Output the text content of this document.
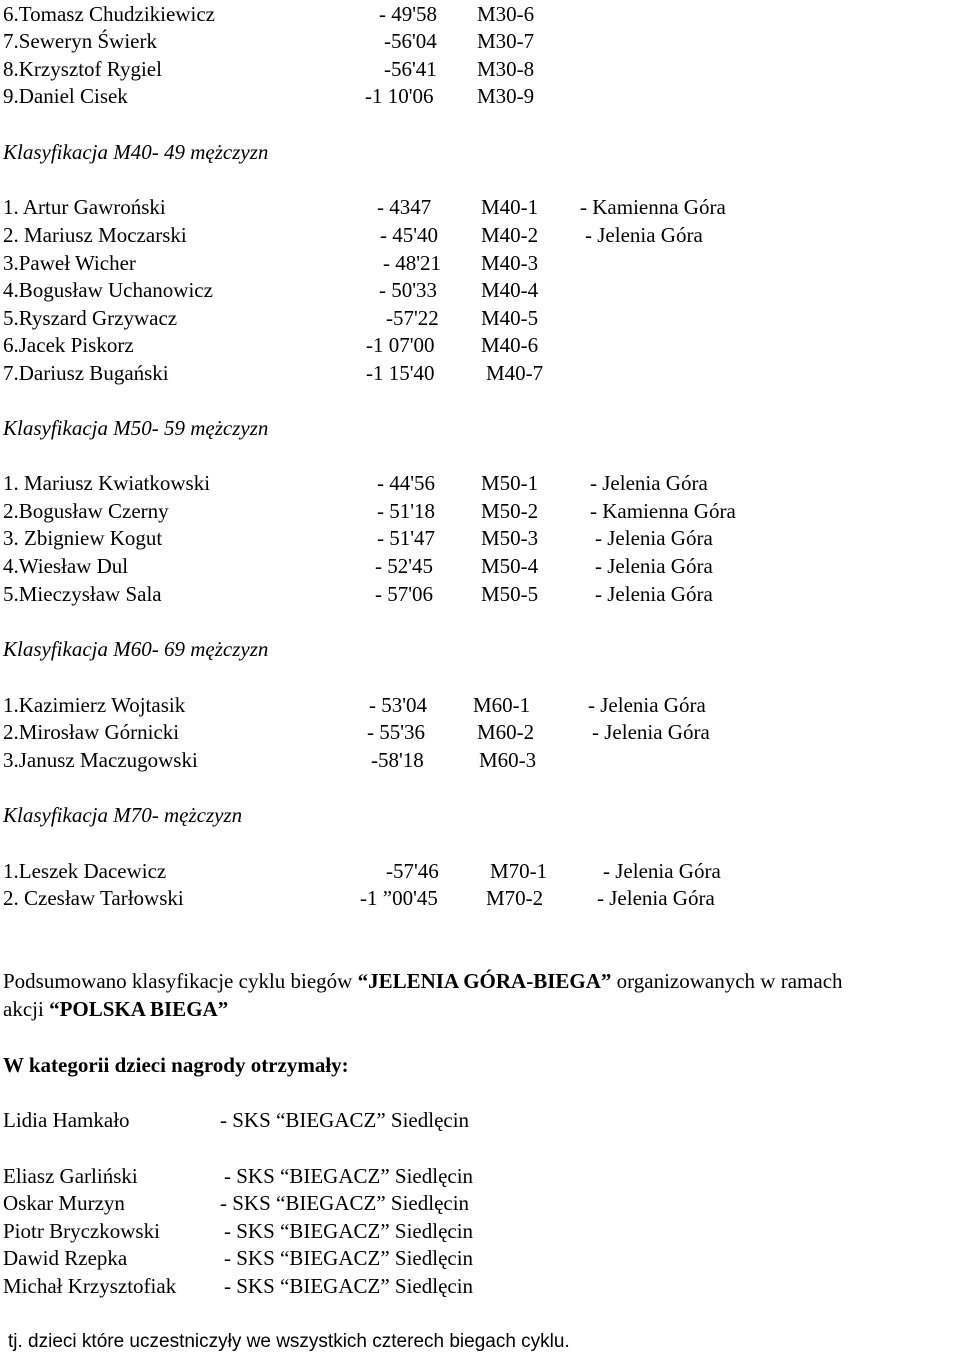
6.Tomasz Chudzikiewicz	- 49'58 M30-6
7.Seweryn Świerk	-56'04 M30-7
8.Krzysztof Rygiel	-56'41 M30-8
9.Daniel Cisek	-1 10'06 M30-9
Klasyfikacja M40- 49 mężczyzn
1. Artur Gawroński	- 4347 M40-1 - Kamienna Góra
2. Mariusz Moczarski	- 45'40 M40-2 - Jelenia Góra
3.Paweł Wicher	- 48'21 M40-3
4.Bogusław Uchanowicz	- 50'33 M40-4
5.Ryszard Grzywacz	-57'22 M40-5
6.Jacek Piskorz	-1 07'00 M40-6
7.Dariusz Bugański	-1 15'40 M40-7
Klasyfikacja M50- 59 mężczyzn
1. Mariusz Kwiatkowski	- 44'56 M50-1 - Jelenia Góra
2.Bogusław Czerny	- 51'18 M50-2 - Kamienna Góra
3. Zbigniew Kogut	- 51'47 M50-3	- Jelenia Góra
4.Wiesław Dul	- 52'45 M50-4	- Jelenia Góra
5.Mieczysław Sala	- 57'06 M50-5	- Jelenia Góra
Klasyfikacja M60- 69 mężczyzn
1.Kazimierz Wojtasik	- 53'04 M60-1	- Jelenia Góra
2.Mirosław Górnicki	- 55'36 M60-2	- Jelenia Góra
3.Janusz Maczugowski	-58'18	M60-3
Klasyfikacja M70- mężczyzn
1.Leszek Dacewicz	-57'46 M70-1	- Jelenia Góra
2. Czesław Tarłowski	-1 ”00'45 M70-2	- Jelenia Góra
Podsumowano klasyfikacje cyklu biegów “JELENIA GÓRA-BIEGA” organizowanych w ramach
akcji “POLSKA BIEGA”
W kategorii dzieci nagrody otrzymały:
Lidia Hamkało	- SKS “BIEGACZ” Siedlęcin
Eliasz Garliński	- SKS “BIEGACZ” Siedlęcin
Oskar Murzyn	- SKS “BIEGACZ” Siedlęcin
Piotr Bryczkowski	- SKS “BIEGACZ” Siedlęcin
Dawid Rzepka	- SKS “BIEGACZ” Siedlęcin
Michał Krzysztofiak - SKS “BIEGACZ” Siedlęcin
tj. dzieci które uczestniczyły we wszystkich czterech biegach cyklu.
